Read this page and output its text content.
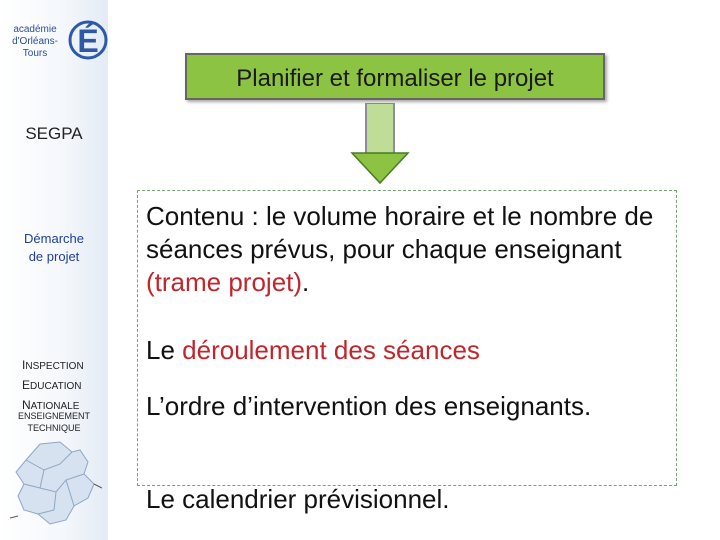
académie
d'Orléans-Tours É
SEGPA
Démarche
de projet
INSPECTION
EDUCATION
NATIONALE
ENSEIGNEMENT
TECHNIQUE
Planifier et formaliser le projet
Contenu : le volume horaire et le nombre de séances prévus, pour chaque enseignant (trame projet).
Le déroulement des séances
L’ordre d’intervention des enseignants.
Le calendrier prévisionnel.
